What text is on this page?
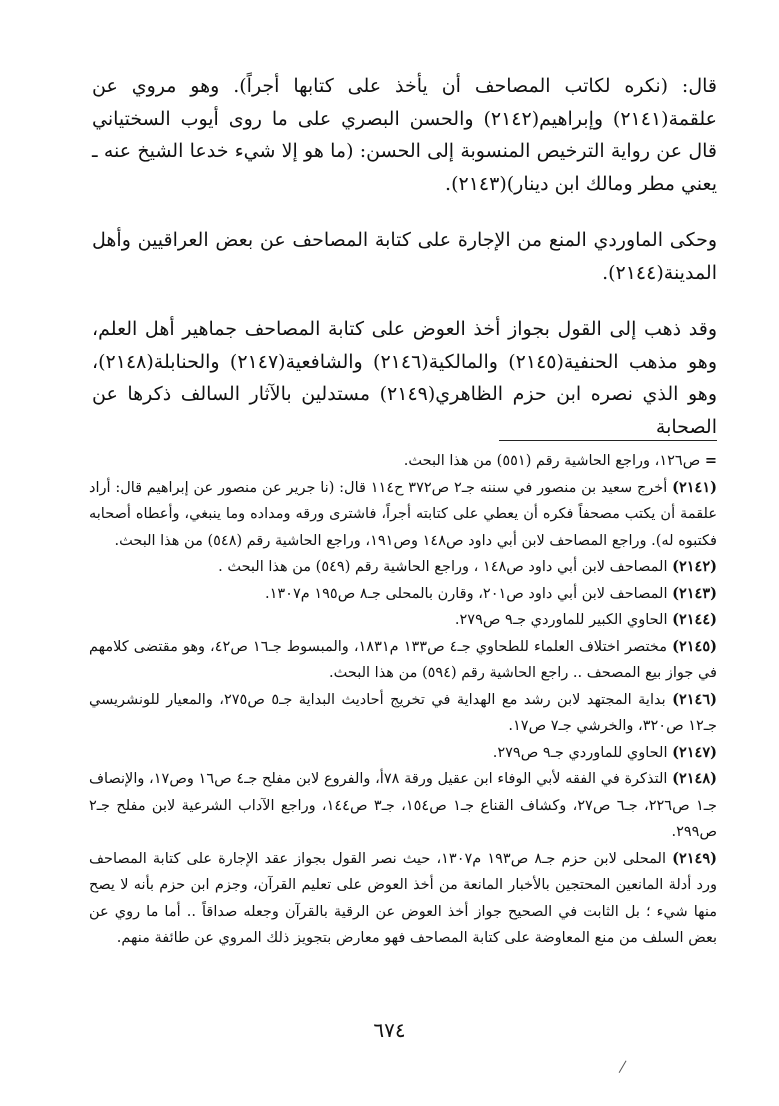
قال: (نكره لكاتب المصاحف أن يأخذ على كتابها أجراً). وهو مروي عن علقمة(٢١٤١) وإبراهيم(٢١٤٢) والحسن البصري على ما روى أيوب السختياني قال عن رواية الترخيص المنسوبة إلى الحسن: (ما هو إلا شيء خدعا الشيخ عنه ـ يعني مطر ومالك ابن دينار)(٢١٤٣).

وحكى الماوردي المنع من الإجارة على كتابة المصاحف عن بعض العراقيين وأهل المدينة(٢١٤٤).

وقد ذهب إلى القول بجواز أخذ العوض على كتابة المصاحف جماهير أهل العلم، وهو مذهب الحنفية(٢١٤٥) والمالكية(٢١٤٦) والشافعية(٢١٤٧) والحنابلة(٢١٤٨)، وهو الذي نصره ابن حزم الظاهري(٢١٤٩) مستدلين بالآثار السالف ذكرها عن الصحابة

= ص١٢٦، وراجع الحاشية رقم (٥٥١) من هذا البحث.

(٢١٤١) أخرج سعيد بن منصور في سننه جـ٢ ص٣٧٢ ح١١٤ قال: (نا جرير عن منصور عن إبراهيم قال: أراد علقمة أن يكتب مصحفاً فكره أن يعطي على كتابته أجراً، فاشترى ورقه ومداده وما ينبغي، وأعطاه أصحابه فكتبوه له). وراجع المصاحف لابن أبي داود ص١٤٨ وص١٩١، وراجع الحاشية رقم (٥٤٨) من هذا البحث.

(٢١٤٢) المصاحف لابن أبي داود ص١٤٨ ، وراجع الحاشية رقم (٥٤٩) من هذا البحث .

(٢١٤٣) المصاحف لابن أبي داود ص٢٠١، وقارن بالمحلى جـ٨ ص١٩٥ م١٣٠٧.

(٢١٤٤) الحاوي الكبير للماوردي جـ٩ ص٢٧٩.

(٢١٤٥) مختصر اختلاف العلماء للطحاوي جـ٤ ص١٣٣ م١٨٣١، والمبسوط جـ١٦ ص٤٢، وهو مقتضى كلامهم في جواز بيع المصحف .. راجع الحاشية رقم (٥٩٤) من هذا البحث.

(٢١٤٦) بداية المجتهد لابن رشد مع الهداية في تخريج أحاديث البداية جـ٥ ص٢٧٥، والمعيار للونشريسي جـ١٢ ص٣٢٠، والخرشي جـ٧ ص١٧.

(٢١٤٧) الحاوي للماوردي جـ٩ ص٢٧٩.

(٢١٤٨) التذكرة في الفقه لأبي الوفاء ابن عقيل ورقة ٧٨أ، والفروع لابن مفلح جـ٤ ص١٦ وص١٧، والإنصاف جـ١ ص٢٢٦، جـ٦ ص٢٧، وكشاف القناع جـ١ ص١٥٤، جـ٣ ص١٤٤، وراجع الآداب الشرعية لابن مفلح جـ٢ ص٢٩٩.

(٢١٤٩) المحلى لابن حزم جـ٨ ص١٩٣ م١٣٠٧، حيث نصر القول بجواز عقد الإجارة على كتابة المصاحف ورد أدلة المانعين المحتجين بالأخبار المانعة من أخذ العوض على تعليم القرآن، وجزم ابن حزم بأنه لا يصح منها شيء ؛ بل الثابت في الصحيح جواز أخذ العوض عن الرقية بالقرآن وجعله صداقاً .. أما ما روي عن بعض السلف من منع المعاوضة على كتابة المصاحف فهو معارض بتجويز ذلك المروي عن طائفة منهم.

٦٧٤
